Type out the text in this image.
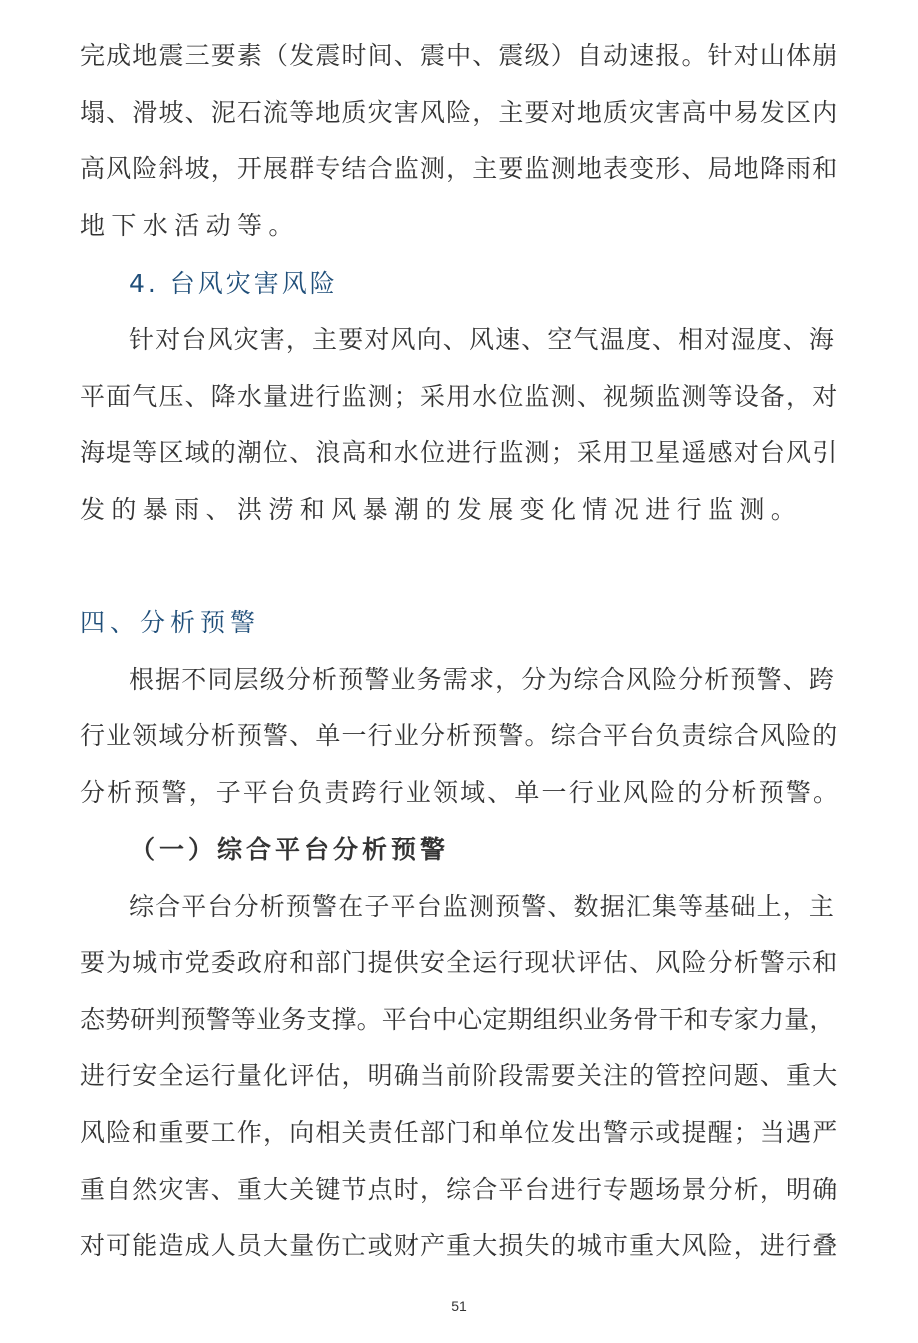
完成地震三要素（发震时间、震中、震级）自动速报。针对山体崩
塌、滑坡、泥石流等地质灾害风险，主要对地质灾害高中易发区内
高风险斜坡，开展群专结合监测，主要监测地表变形、局地降雨和
地下水活动等。
4. 台风灾害风险
针对台风灾害，主要对风向、风速、空气温度、相对湿度、海
平面气压、降水量进行监测；采用水位监测、视频监测等设备，对
海堤等区域的潮位、浪高和水位进行监测；采用卫星遥感对台风引
发的暴雨、洪涝和风暴潮的发展变化情况进行监测。
四、分析预警
根据不同层级分析预警业务需求，分为综合风险分析预警、跨
行业领域分析预警、单一行业分析预警。综合平台负责综合风险的
分析预警，子平台负责跨行业领域、单一行业风险的分析预警。
（一）综合平台分析预警
综合平台分析预警在子平台监测预警、数据汇集等基础上，主
要为城市党委政府和部门提供安全运行现状评估、风险分析警示和
态势研判预警等业务支撑。平台中心定期组织业务骨干和专家力量，
进行安全运行量化评估，明确当前阶段需要关注的管控问题、重大
风险和重要工作，向相关责任部门和单位发出警示或提醒；当遇严
重自然灾害、重大关键节点时，综合平台进行专题场景分析，明确
对可能造成人员大量伤亡或财产重大损失的城市重大风险，进行叠
51
